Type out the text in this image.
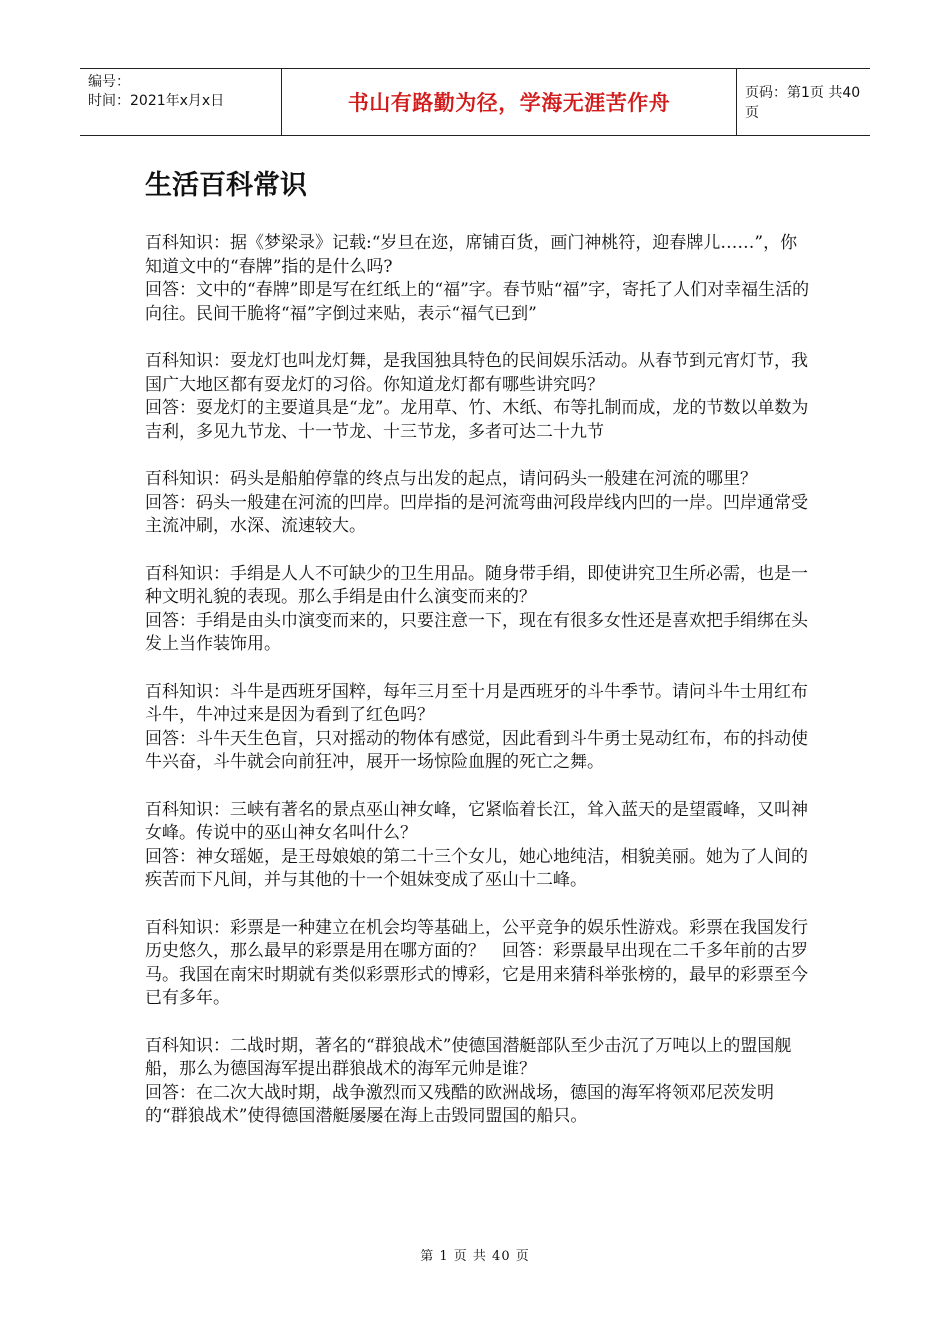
编号：
时间：2021年x月x日	书山有路勤为径，学海无涯苦作舟	页码：第1页 共40页
生活百科常识

百科知识：据《梦梁录》记载:“岁旦在迩，席铺百货，画门神桃符，迎春牌儿……”，你知道文中的“春牌”指的是什么吗?

回答：文中的“春牌”即是写在红纸上的“福”字。春节贴“福”字，寄托了人们对幸福生活的向往。民间干脆将“福”字倒过来贴，表示“福气已到”

百科知识：耍龙灯也叫龙灯舞，是我国独具特色的民间娱乐活动。从春节到元宵灯节，我国广大地区都有耍龙灯的习俗。你知道龙灯都有哪些讲究吗？

回答：耍龙灯的主要道具是“龙”。龙用草、竹、木纸、布等扎制而成，龙的节数以单数为吉利，多见九节龙、十一节龙、十三节龙，多者可达二十九节

百科知识：码头是船舶停靠的终点与出发的起点，请问码头一般建在河流的哪里？

回答：码头一般建在河流的凹岸。凹岸指的是河流弯曲河段岸线内凹的一岸。凹岸通常受主流冲刷，水深、流速较大。

百科知识：手绢是人人不可缺少的卫生用品。随身带手绢，即使讲究卫生所必需，也是一种文明礼貌的表现。那么手绢是由什么演变而来的？

回答：手绢是由头巾演变而来的，只要注意一下，现在有很多女性还是喜欢把手绢绑在头发上当作装饰用。

百科知识：斗牛是西班牙国粹，每年三月至十月是西班牙的斗牛季节。请问斗牛士用红布斗牛，牛冲过来是因为看到了红色吗？

回答：斗牛天生色盲，只对摇动的物体有感觉，因此看到斗牛勇士晃动红布，布的抖动使牛兴奋，斗牛就会向前狂冲，展开一场惊险血腥的死亡之舞。

百科知识：三峡有著名的景点巫山神女峰，它紧临着长江，耸入蓝天的是望霞峰，又叫神女峰。传说中的巫山神女名叫什么？

回答：神女瑶姬，是王母娘娘的第二十三个女儿，她心地纯洁，相貌美丽。她为了人间的疾苦而下凡间，并与其他的十一个姐妹变成了巫山十二峰。

百科知识：彩票是一种建立在机会均等基础上，公平竞争的娱乐性游戏。彩票在我国发行历史悠久，那么最早的彩票是用在哪方面的？　回答：彩票最早出现在二千多年前的古罗马。我国在南宋时期就有类似彩票形式的博彩，它是用来猜科举张榜的，最早的彩票至今已有多年。

百科知识：二战时期，著名的“群狼战术”使德国潜艇部队至少击沉了万吨以上的盟国舰船，那么为德国海军提出群狼战术的海军元帅是谁？

回答：在二次大战时期，战争激烈而又残酷的欧洲战场，德国的海军将领邓尼茨发明的“群狼战术”使得德国潜艇屡屡在海上击毁同盟国的船只。

第 1 页 共 40 页
